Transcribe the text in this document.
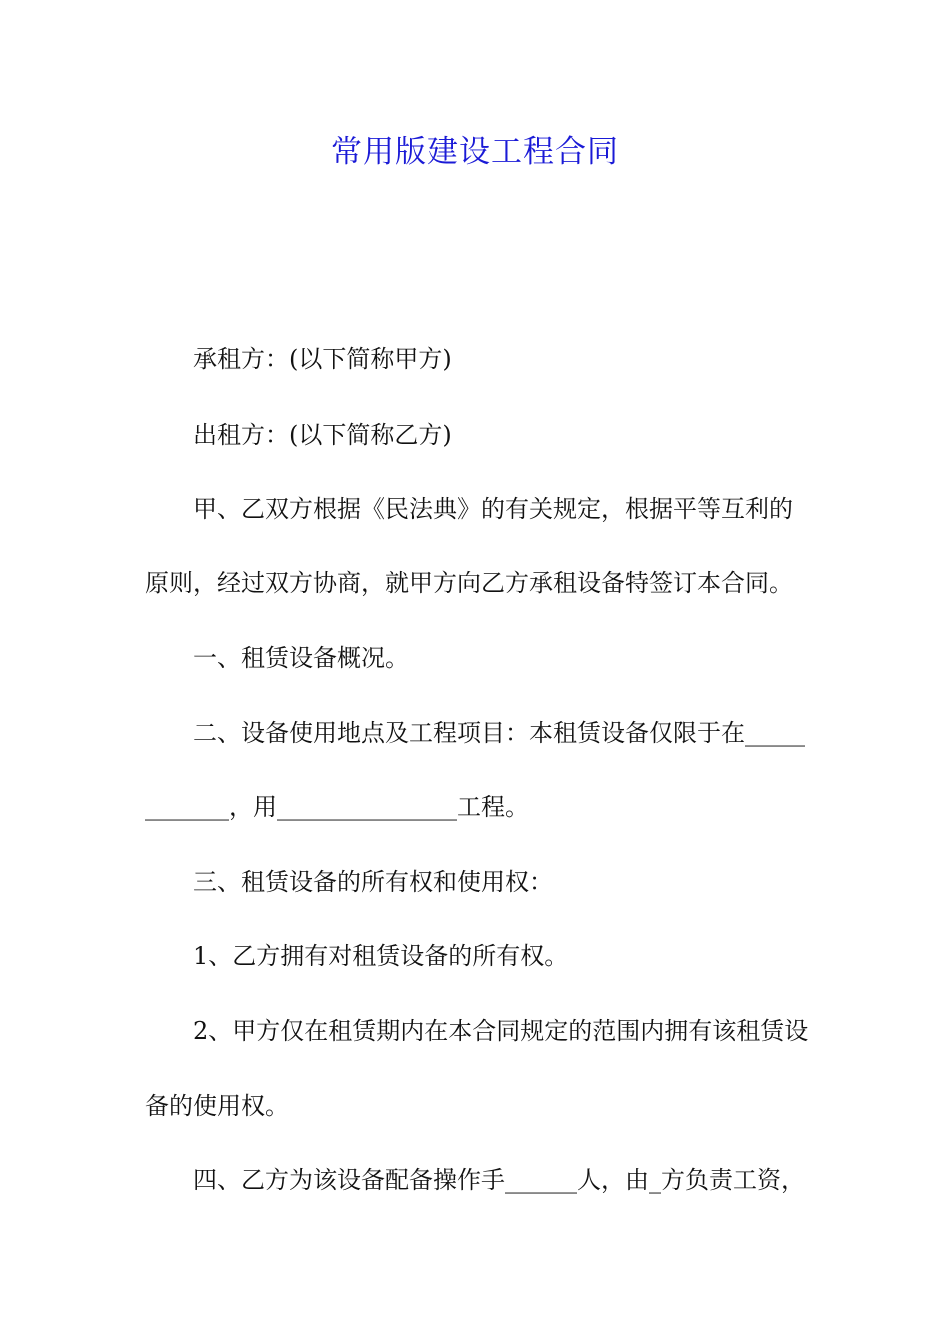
常用版建设工程合同
承租方：(以下简称甲方)
出租方：(以下简称乙方)
甲、乙双方根据《民法典》的有关规定，根据平等互利的
原则，经过双方协商，就甲方向乙方承租设备特签订本合同。
一、租赁设备概况。
二、设备使用地点及工程项目：本租赁设备仅限于在_____
_______，用_______________工程。
三、租赁设备的所有权和使用权：
1、乙方拥有对租赁设备的所有权。
2、甲方仅在租赁期内在本合同规定的范围内拥有该租赁设
备的使用权。
四、乙方为该设备配备操作手______人，由_方负责工资，
